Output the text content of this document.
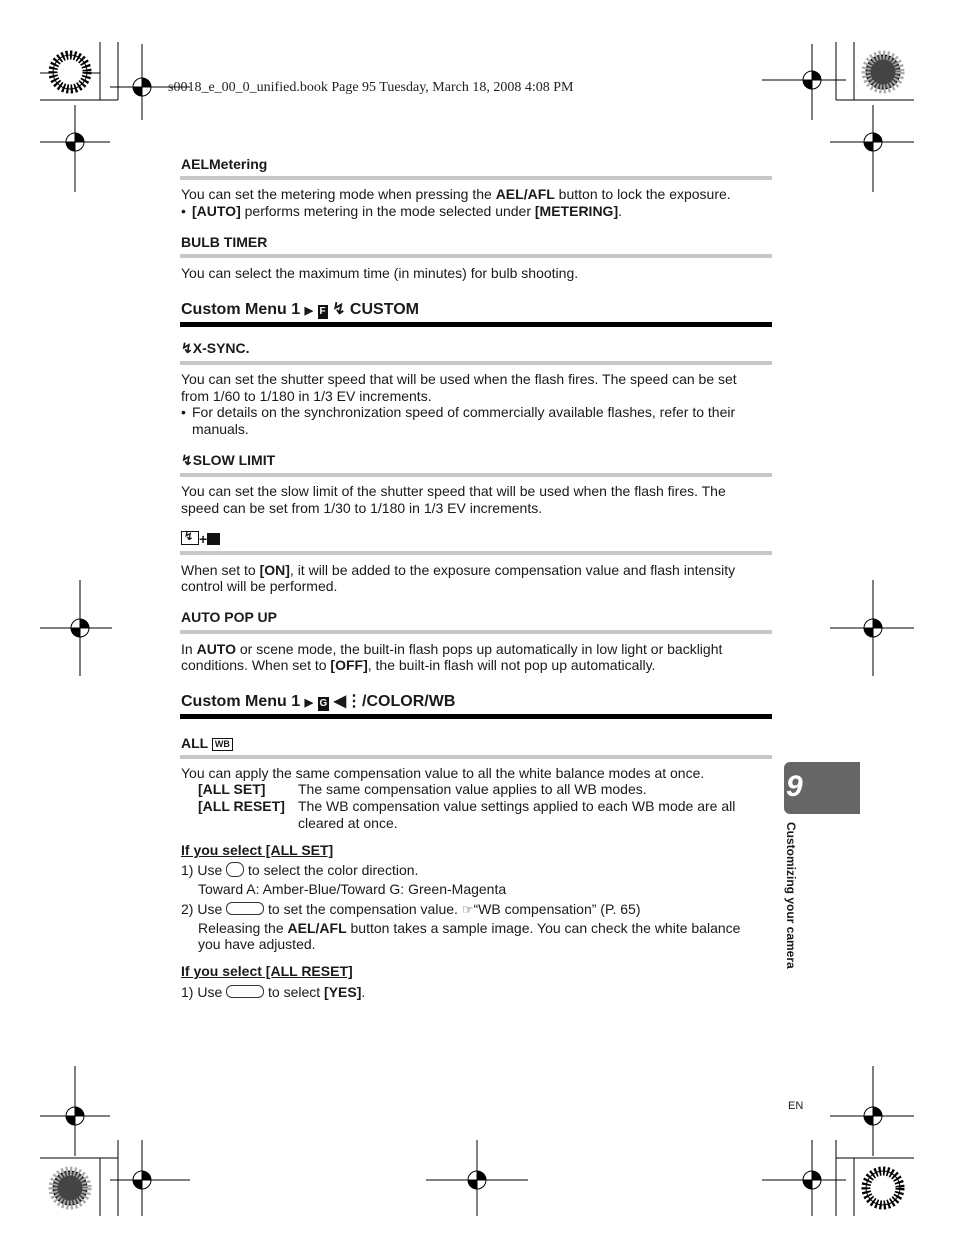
s0018_e_00_0_unified.book Page 95 Tuesday, March 18, 2008 4:08 PM
AELMetering
You can set the metering mode when pressing the AEL/AFL button to lock the exposure.
• [AUTO] performs metering in the mode selected under [METERING].
BULB TIMER
You can select the maximum time (in minutes) for bulb shooting.
Custom Menu 1 ▶ F ↯ CUSTOM
↯X-SYNC.
You can set the shutter speed that will be used when the flash fires. The speed can be set
from 1/60 to 1/180 in 1/3 EV increments.
• For details on the synchronization speed of commercially available flashes, refer to their
manuals.
↯SLOW LIMIT
You can set the slow limit of the shutter speed that will be used when the flash fires. The
speed can be set from 1/30 to 1/180 in 1/3 EV increments.
↯ +
When set to [ON], it will be added to the exposure compensation value and flash intensity
control will be performed.
AUTO POP UP
In AUTO or scene mode, the built-in flash pops up automatically in low light or backlight
conditions. When set to [OFF], the built-in flash will not pop up automatically.
Custom Menu 1 ▶ G ◀⋮/COLOR/WB
ALL WB
You can apply the same compensation value to all the white balance modes at once.
[ALL SET] The same compensation value applies to all WB modes.
[ALL RESET] The WB compensation value settings applied to each WB mode are all
cleared at once.
If you select [ALL SET]
1) Use  to select the color direction.
Toward A: Amber-Blue/Toward G: Green-Magenta
2) Use	to set the compensation value. ☞“WB compensation” (P. 65)
Releasing the AEL/AFL button takes a sample image. You can check the white balance
you have adjusted.
If you select [ALL RESET]
1) Use	to select [YES].
9
Customizing your camera
EN
